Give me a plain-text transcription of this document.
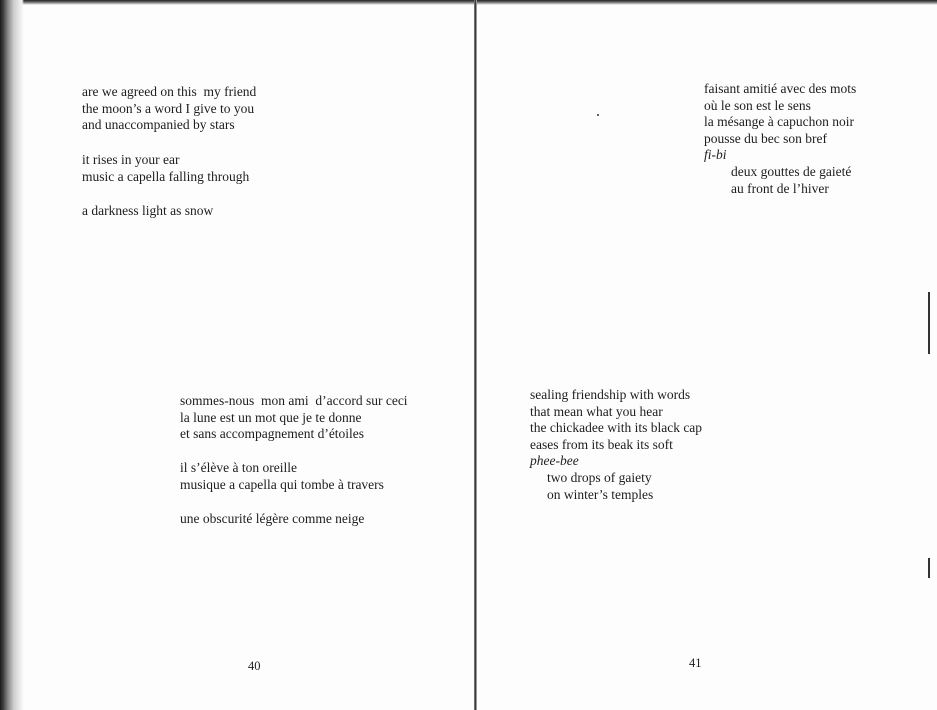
are we agreed on this  my friend
the moon’s a word I give to you
and unaccompanied by stars
it rises in your ear
music a capella falling through
a darkness light as snow
sommes-nous  mon ami  d’accord sur ceci
la lune est un mot que je te donne
et sans accompagnement d’étoiles
il s’élève à ton oreille
musique a capella qui tombe à travers
une obscurité légère comme neige
40
faisant amitié avec des mots
où le son est le sens
la mésange à capuchon noir
pousse du bec son bref
fi-bi
deux gouttes de gaieté
au front de l’hiver
sealing friendship with words
that mean what you hear
the chickadee with its black cap
eases from its beak its soft
phee-bee
two drops of gaiety
on winter’s temples
41
